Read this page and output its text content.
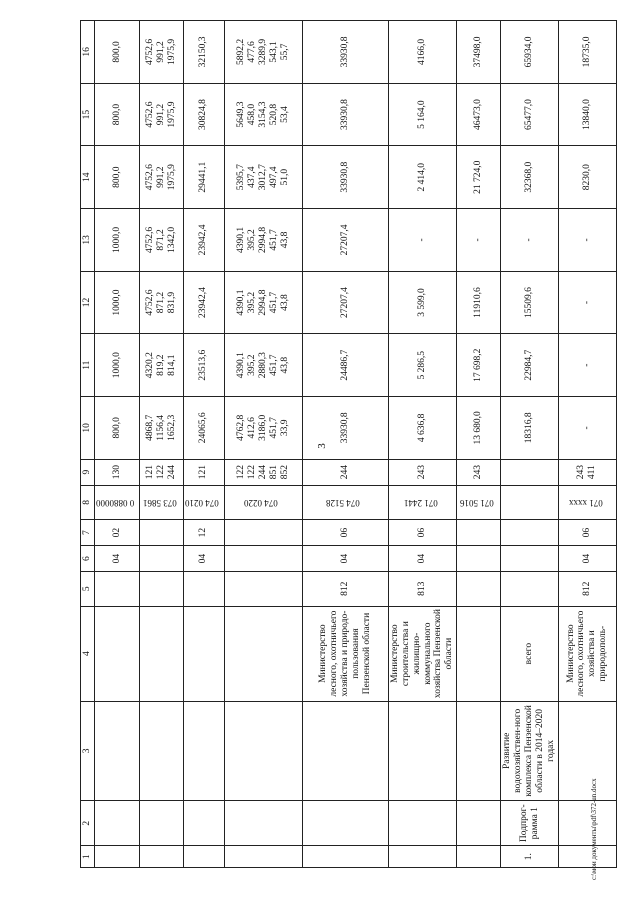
3
c:\мои документы\pdf\372-un.docx
1	2	3	4	5	6	7	8	9	10	11	12	13	14	15	16
					04	02	0 0880000	130	800,0	1000,0	1000,0	1000,0	800,0	800,0	800,0

							073 5861	121 122 244	4868,7 1156,4 1652,3	4320,2 819,2 814,1	4752,6 871,2 831,9	4752,6 871,2 1342,0	4752,6 991,2 1975,9	4752,6 991,2 1975,9	4752,6 991,2 1975,9

					04	12	074 0210	121	24065,6	23513,6	23942,4	23942,4	29441,1	30824,8	32150,3

							074 0220	122 122 244 851 852	4762,8 412,6 3186,0 451,7 33,9	4390,1 395,2 2880,3 451,7 43,8	4390,1 395,2 2994,8 451,7 43,8	4390,1 395,2 2994,8 451,7 43,8	5395,7 437,4 3012,7 497,4 51,0	5649,3 458,0 3154,3 520,8 53,4	5892,2 477,6 3289,9 543,1 55,7

			Министерство лесного, охотничьего хозяйства и природо-пользования Пензенской области	812	04	06	074 5128	244	33930,8	24486,7	27207,4	27207,4	33930,8	33930,8	33930,8

			Министерство строительства и жилищно-коммунального хозяйства Пензенской области	813	04	06	071 2441	243	4 636,8	5 286,5	3 599,0	-	2 414,0	5 164,0	4166,0

							071 5016	243	13 680,0	17 698,2	11910,6	-	21 724,0	46473,0	37498,0

1.	Подпрог-рамма 1	Развитие водохозяйствен-ного комплекса Пензенской области в 2014–2020 годах	всего						18316,8	22984,7	15509,6	-	32368,0	65477,0	65934,0

			Министерство лесного, охотничьего хозяйства и природополь-	812	04	06	071 хххх	243 411	-	-	-	-	8230,0	13840,0	18735,0
